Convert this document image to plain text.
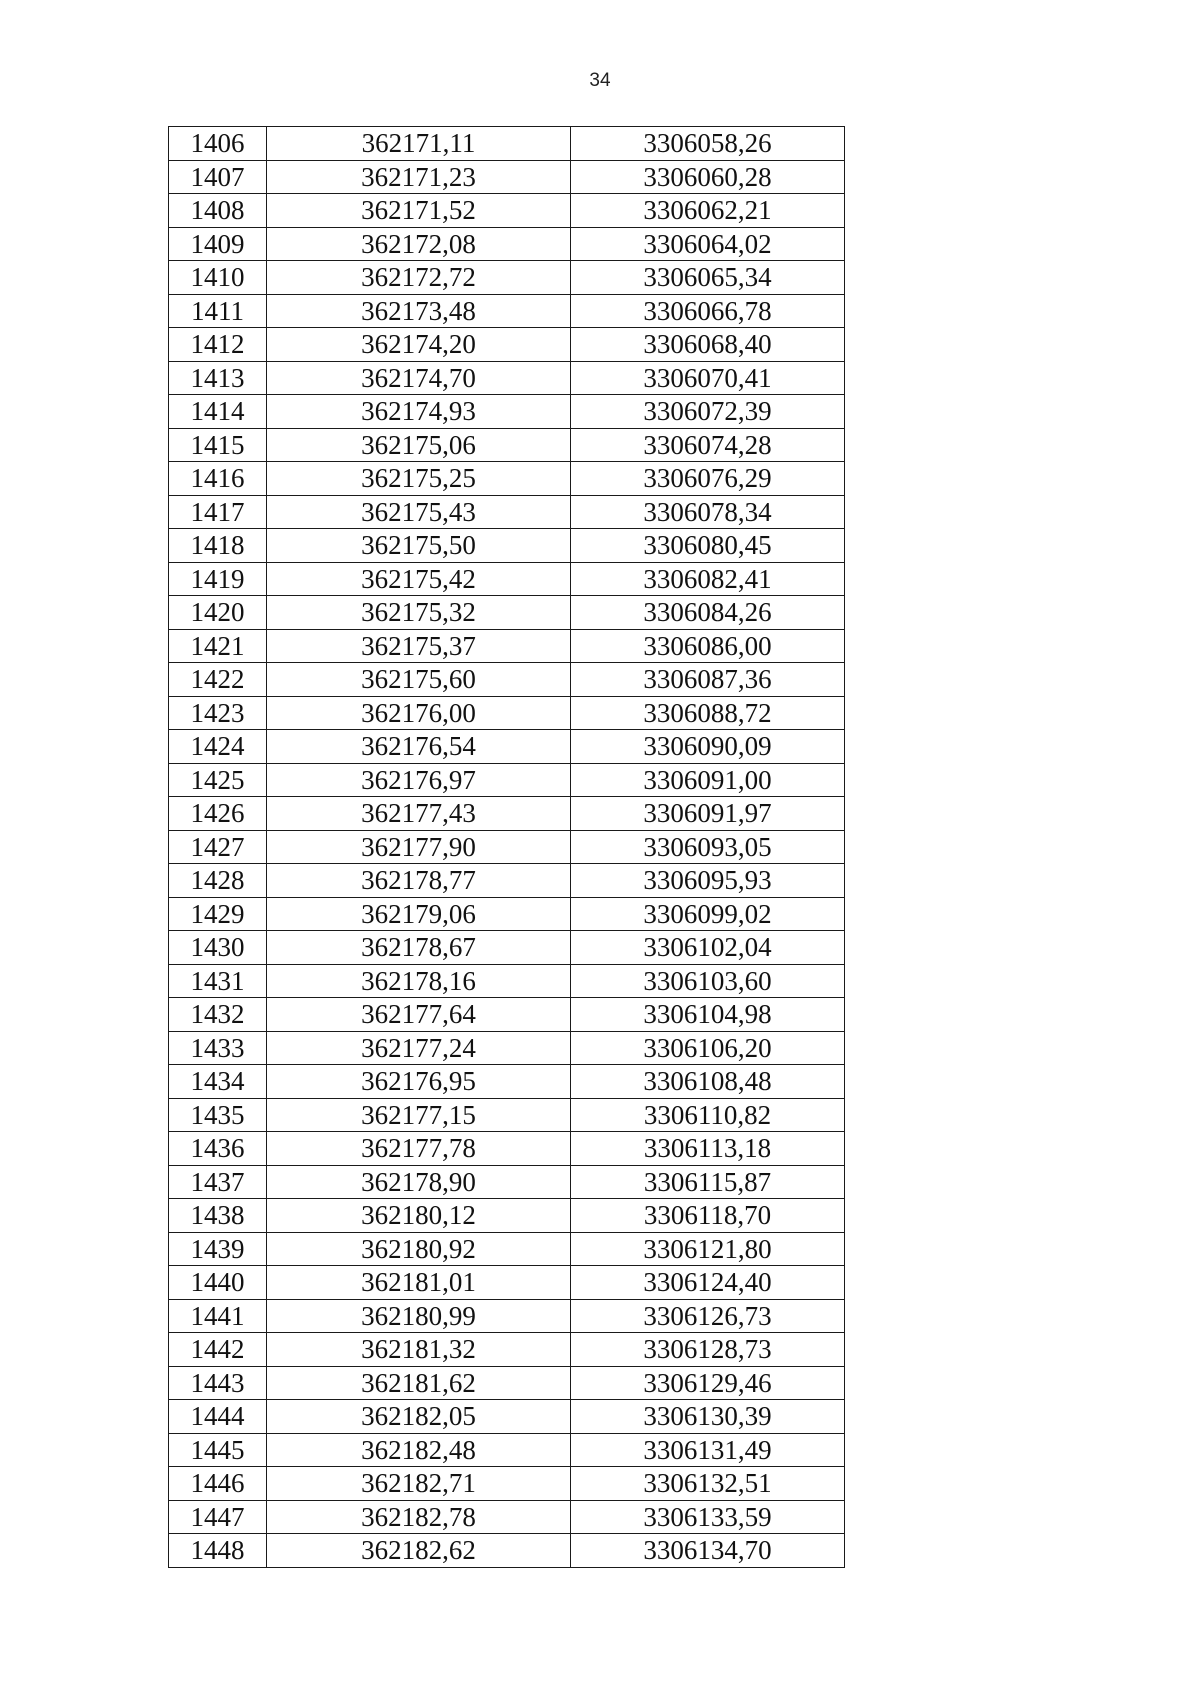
34
1406	362171,11	3306058,26
1407	362171,23	3306060,28
1408	362171,52	3306062,21
1409	362172,08	3306064,02
1410	362172,72	3306065,34
1411	362173,48	3306066,78
1412	362174,20	3306068,40
1413	362174,70	3306070,41
1414	362174,93	3306072,39
1415	362175,06	3306074,28
1416	362175,25	3306076,29
1417	362175,43	3306078,34
1418	362175,50	3306080,45
1419	362175,42	3306082,41
1420	362175,32	3306084,26
1421	362175,37	3306086,00
1422	362175,60	3306087,36
1423	362176,00	3306088,72
1424	362176,54	3306090,09
1425	362176,97	3306091,00
1426	362177,43	3306091,97
1427	362177,90	3306093,05
1428	362178,77	3306095,93
1429	362179,06	3306099,02
1430	362178,67	3306102,04
1431	362178,16	3306103,60
1432	362177,64	3306104,98
1433	362177,24	3306106,20
1434	362176,95	3306108,48
1435	362177,15	3306110,82
1436	362177,78	3306113,18
1437	362178,90	3306115,87
1438	362180,12	3306118,70
1439	362180,92	3306121,80
1440	362181,01	3306124,40
1441	362180,99	3306126,73
1442	362181,32	3306128,73
1443	362181,62	3306129,46
1444	362182,05	3306130,39
1445	362182,48	3306131,49
1446	362182,71	3306132,51
1447	362182,78	3306133,59
1448	362182,62	3306134,70
